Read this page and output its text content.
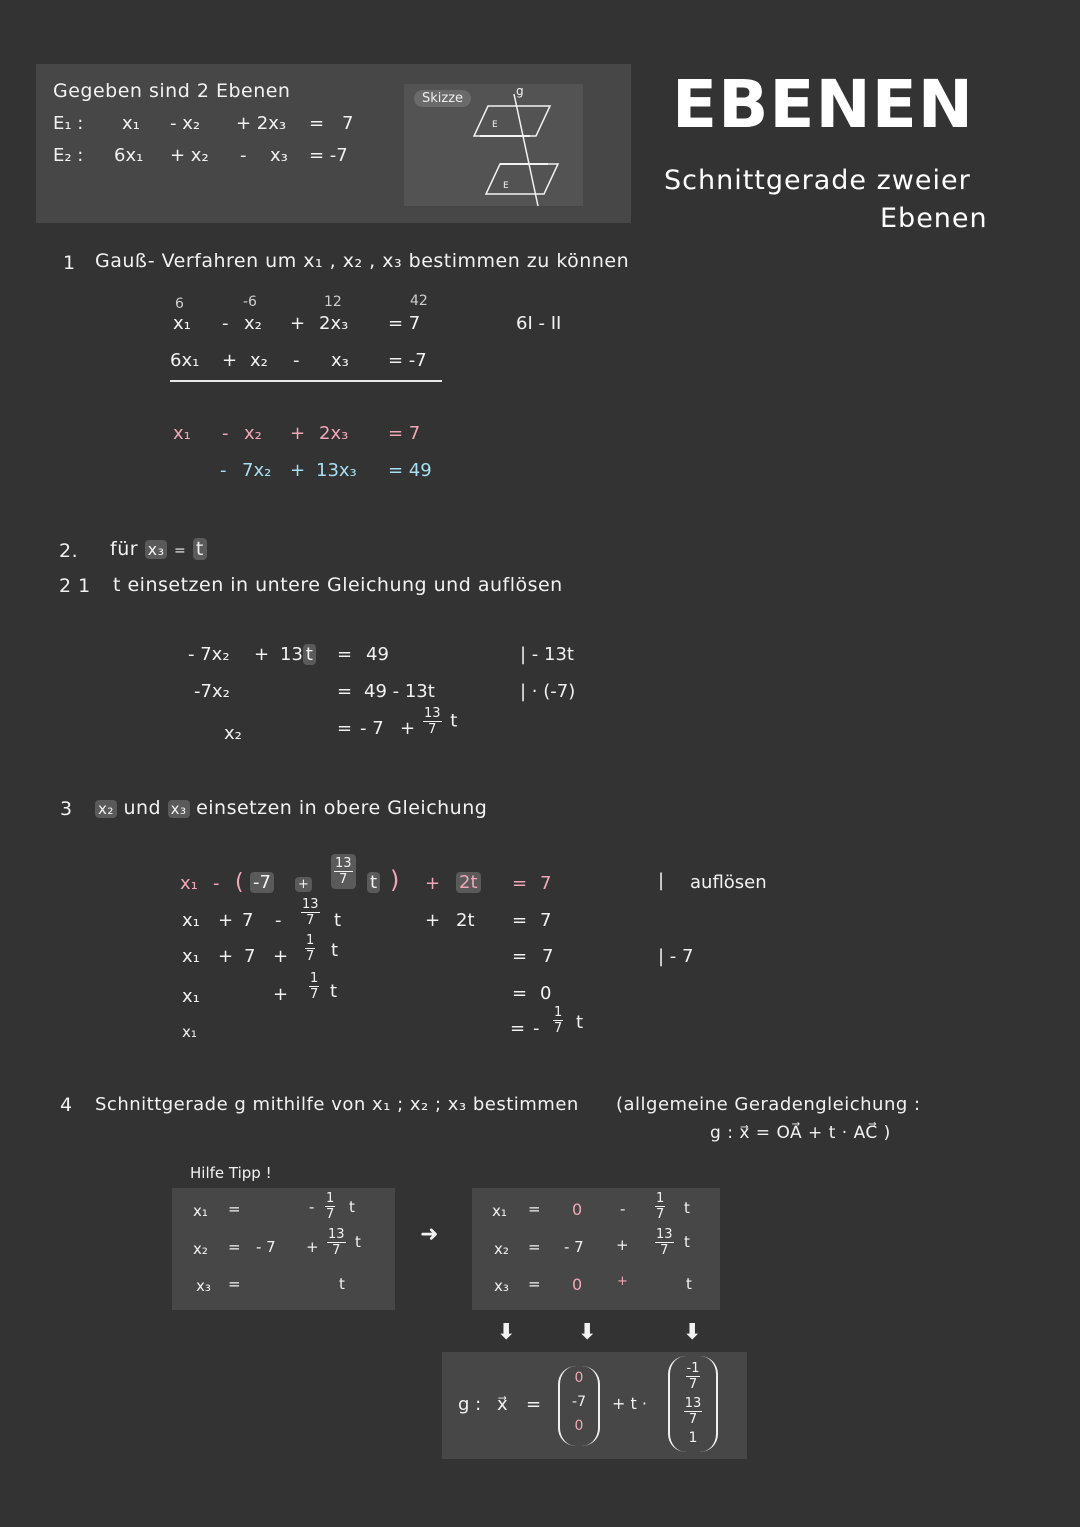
EBENEN
Schnittgerade zweier
Ebenen
Gegeben sind 2 Ebenen
E₁ : x₁ - x₂ + 2x₃ = 7
E₂ : 6x₁ + x₂ - x₃ = -7
Skizze	g
E
E
1 Gauß- Verfahren um x₁ , x₂ , x₃ bestimmen zu können
6	-6	12	42
x₁ - x₂ + 2x₃ = 7
6x₁ + x₂ - x₃ = -7
6I - II
x₁ - x₂ + 2x₃ = 7
- 7x₂ + 13x₃ = 49
2. für x₃ = t
2 1 t einsetzen in untere Gleichung und auflösen
- 7x₂ + 13 t = 49	| - 13t
-7x₂	= 49 - 13t	| · (-7)
x₂	= - $7 + \frac{13}{7}$ t
3 x₂ und x₃ einsetzen in obere Gleichung
x₁ - ( $-7 + \frac{13}{7}$ t ) + 2t = 7	| auflösen
$x_1 + 7 - \frac{13}{7}$ t	+ 2t = 7
$x_1 + 7 + \frac{1}{7}$ t	= 7	| - 7
x₁	+ $\frac{1}{7}$ t	= 0
x₁	= - $\frac{1}{7}$ t
4 Schnittgerade g mithilfe von x₁ ; x₂ ; x₃ bestimmen (allgemeine Geradengleichung :
g : x⃗ = OA⃗ + t · AC⃗ )
Hilfe Tipp !
x₁ =	- $\frac{1}{7}$ t
x₂ = - $7 + \frac{13}{7}$ t
x₃ =	t
➜
x₁ = 0	- $\frac{1}{7}$ t
x₂ = - $7 + \frac{13}{7}$ t
x₃ = 0	+	t
⬇	⬇	⬇
g : x⃗ =
0
-7
0
+ t ·
$\frac{-1}{7}$
$\frac{13}{7}$
1
